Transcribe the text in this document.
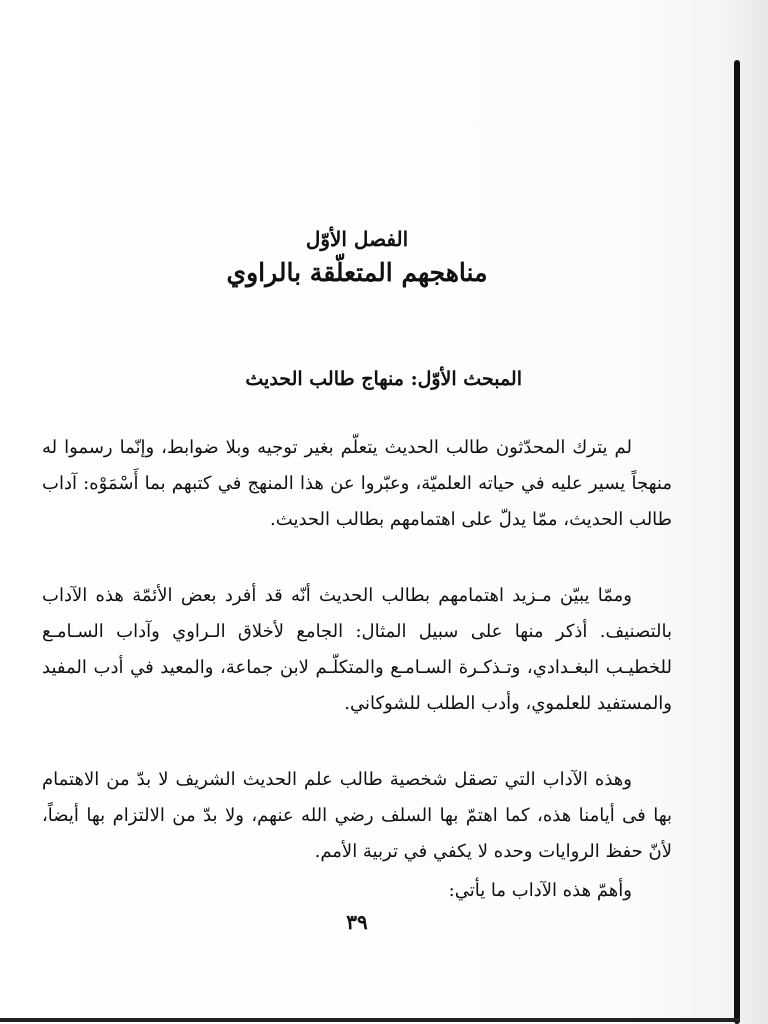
الفصل الأوّل
مناهجهم المتعلّقة بالراوي
المبحث الأوّل: منهاج طالب الحديث

لم يترك المحدّثون طالب الحديث يتعلّم بغير توجيه وبلا ضوابط، وإنّما رسموا له منهجاً يسير عليه في حياته العلميّة، وعبّروا عن هذا المنهج في كتبهم بما أَسْمَوْه: آداب طالب الحديث، ممّا يدلّ على اهتمامهم بطالب الحديث.

وممّا يبيّن مـزيد اهتمامهم بطالب الحديث أنّه قد أفرد بعض الأئمّة هذه الآداب بالتصنيف. أذكر منها على سبيل المثال: الجامع لأخلاق الـراوي وآداب السـامـع للخطيـب البغـدادي، وتـذكـرة السـامـع والمتكلّـم لابن جماعة، والمعيد في أدب المفيد والمستفيد للعلموي، وأدب الطلب للشوكاني.

وهذه الآداب التي تصقل شخصية طالب علم الحديث الشريف لا بدّ من الاهتمام بها فى أيامنا هذه، كما اهتمّ بها السلف رضي الله عنهم، ولا بدّ من الالتزام بها أيضاً، لأنّ حفظ الروايات وحده لا يكفي في تربية الأمم.

وأهمّ هذه الآداب ما يأتي:

٣٩
